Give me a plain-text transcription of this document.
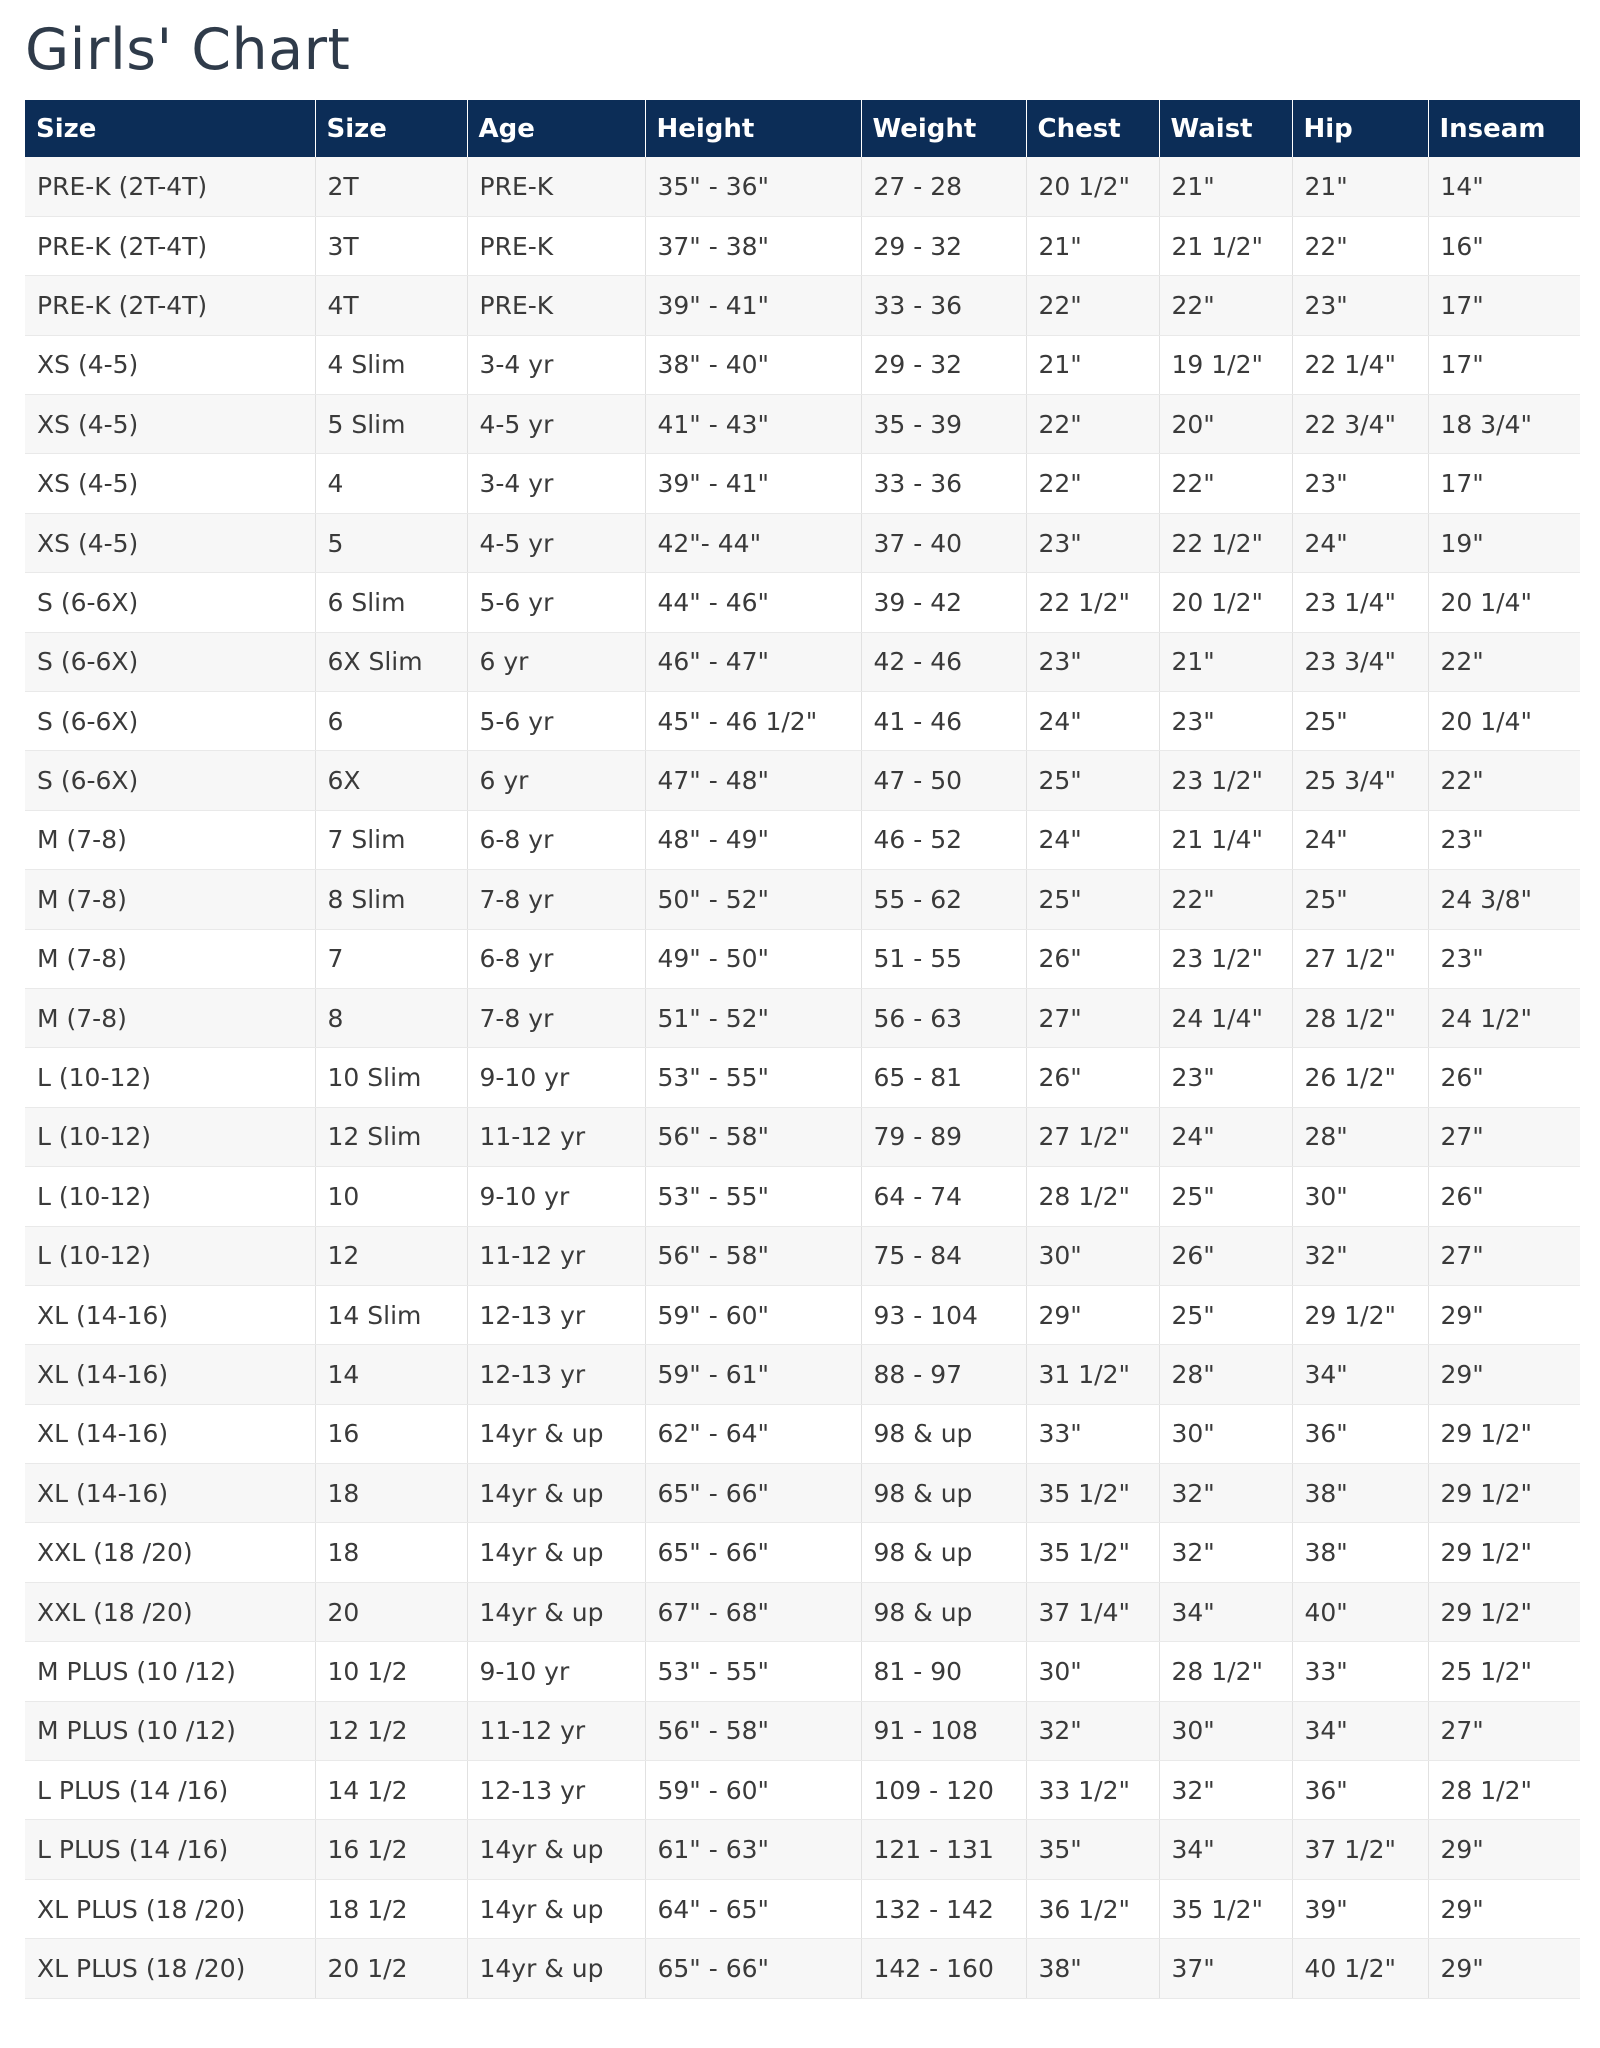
Girls' Chart
Size	Size	Age	Height	Weight	Chest	Waist	Hip	Inseam
PRE-K (2T-4T)	2T	PRE-K	35" - 36"	27 - 28	20 1/2"	21"	21"	14"
PRE-K (2T-4T)	3T	PRE-K	37" - 38"	29 - 32	21"	21 1/2"	22"	16"
PRE-K (2T-4T)	4T	PRE-K	39" - 41"	33 - 36	22"	22"	23"	17"
XS (4-5)	4 Slim	3-4 yr	38" - 40"	29 - 32	21"	19 1/2"	22 1/4"	17"
XS (4-5)	5 Slim	4-5 yr	41" - 43"	35 - 39	22"	20"	22 3/4"	18 3/4"
XS (4-5)	4	3-4 yr	39" - 41"	33 - 36	22"	22"	23"	17"
XS (4-5)	5	4-5 yr	42"- 44"	37 - 40	23"	22 1/2"	24"	19"
S (6-6X)	6 Slim	5-6 yr	44" - 46"	39 - 42	22 1/2"	20 1/2"	23 1/4"	20 1/4"
S (6-6X)	6X Slim	6 yr	46" - 47"	42 - 46	23"	21"	23 3/4"	22"
S (6-6X)	6	5-6 yr	45" - 46 1/2"	41 - 46	24"	23"	25"	20 1/4"
S (6-6X)	6X	6 yr	47" - 48"	47 - 50	25"	23 1/2"	25 3/4"	22"
M (7-8)	7 Slim	6-8 yr	48" - 49"	46 - 52	24"	21 1/4"	24"	23"
M (7-8)	8 Slim	7-8 yr	50" - 52"	55 - 62	25"	22"	25"	24 3/8"
M (7-8)	7	6-8 yr	49" - 50"	51 - 55	26"	23 1/2"	27 1/2"	23"
M (7-8)	8	7-8 yr	51" - 52"	56 - 63	27"	24 1/4"	28 1/2"	24 1/2"
L (10-12)	10 Slim	9-10 yr	53" - 55"	65 - 81	26"	23"	26 1/2"	26"
L (10-12)	12 Slim	11-12 yr	56" - 58"	79 - 89	27 1/2"	24"	28"	27"
L (10-12)	10	9-10 yr	53" - 55"	64 - 74	28 1/2"	25"	30"	26"
L (10-12)	12	11-12 yr	56" - 58"	75 - 84	30"	26"	32"	27"
XL (14-16)	14 Slim	12-13 yr	59" - 60"	93 - 104	29"	25"	29 1/2"	29"
XL (14-16)	14	12-13 yr	59" - 61"	88 - 97	31 1/2"	28"	34"	29"
XL (14-16)	16	14yr & up	62" - 64"	98 & up	33"	30"	36"	29 1/2"
XL (14-16)	18	14yr & up	65" - 66"	98 & up	35 1/2"	32"	38"	29 1/2"
XXL (18 /20)	18	14yr & up	65" - 66"	98 & up	35 1/2"	32"	38"	29 1/2"
XXL (18 /20)	20	14yr & up	67" - 68"	98 & up	37 1/4"	34"	40"	29 1/2"
M PLUS (10 /12)	10 1/2	9-10 yr	53" - 55"	81 - 90	30"	28 1/2"	33"	25 1/2"
M PLUS (10 /12)	12 1/2	11-12 yr	56" - 58"	91 - 108	32"	30"	34"	27"
L PLUS (14 /16)	14 1/2	12-13 yr	59" - 60"	109 - 120	33 1/2"	32"	36"	28 1/2"
L PLUS (14 /16)	16 1/2	14yr & up	61" - 63"	121 - 131	35"	34"	37 1/2"	29"
XL PLUS (18 /20)	18 1/2	14yr & up	64" - 65"	132 - 142	36 1/2"	35 1/2"	39"	29"
XL PLUS (18 /20)	20 1/2	14yr & up	65" - 66"	142 - 160	38"	37"	40 1/2"	29"
